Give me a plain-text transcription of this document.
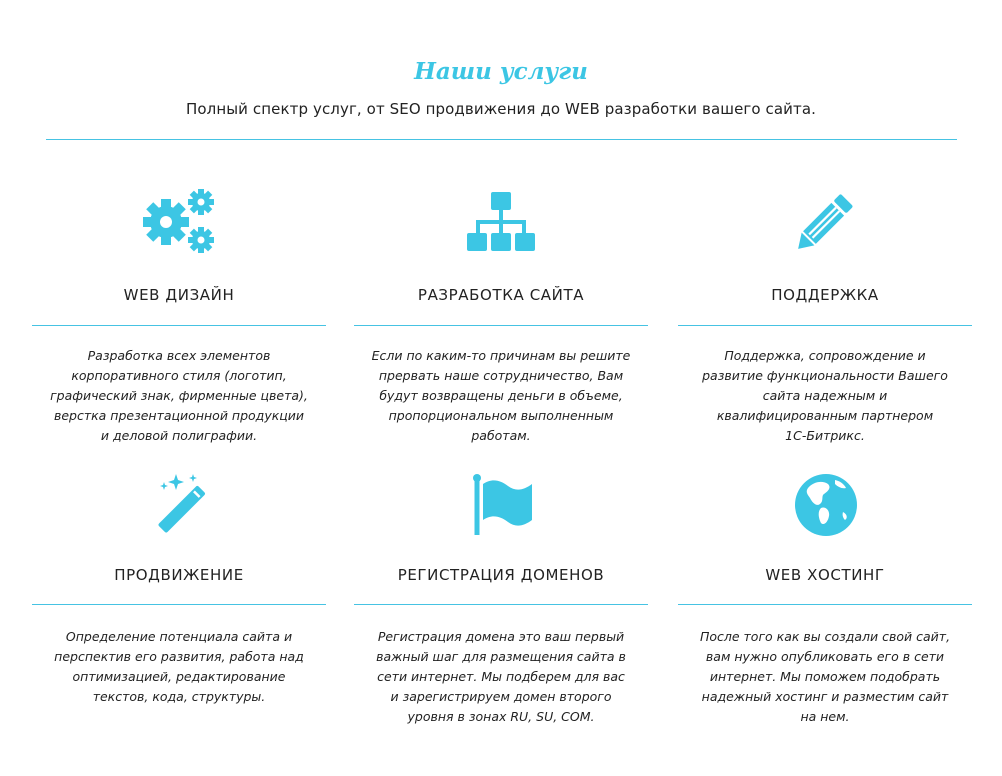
Наши услуги
Полный спектр услуг, от SEO продвижения до WEB разработки вашего сайта.
WEB ДИЗАЙН
Разработка всех элементов
корпоративного стиля (логотип,
графический знак, фирменные цвета),
верстка презентационной продукции
и деловой полиграфии.
РАЗРАБОТКА САЙТА
Если по каким-то причинам вы решите
прервать наше сотрудничество, Вам
будут возвращены деньги в объеме,
пропорциональном выполненным
работам.
ПОДДЕРЖКА
Поддержка, сопровождение и
развитие функциональности Вашего
сайта надежным и
квалифицированным партнером
1С-Битрикс.
ПРОДВИЖЕНИЕ
Определение потенциала сайта и
перспектив его развития, работа над
оптимизацией, редактирование
текстов, кода, структуры.
РЕГИСТРАЦИЯ ДОМЕНОВ
Регистрация домена это ваш первый
важный шаг для размещения сайта в
сети интернет. Мы подберем для вас
и зарегистрируем домен второго
уровня в зонах RU, SU, COM.
WEB ХОСТИНГ
После того как вы создали свой сайт,
вам нужно опубликовать его в сети
интернет. Мы поможем подобрать
надежный хостинг и разместим сайт
на нем.
